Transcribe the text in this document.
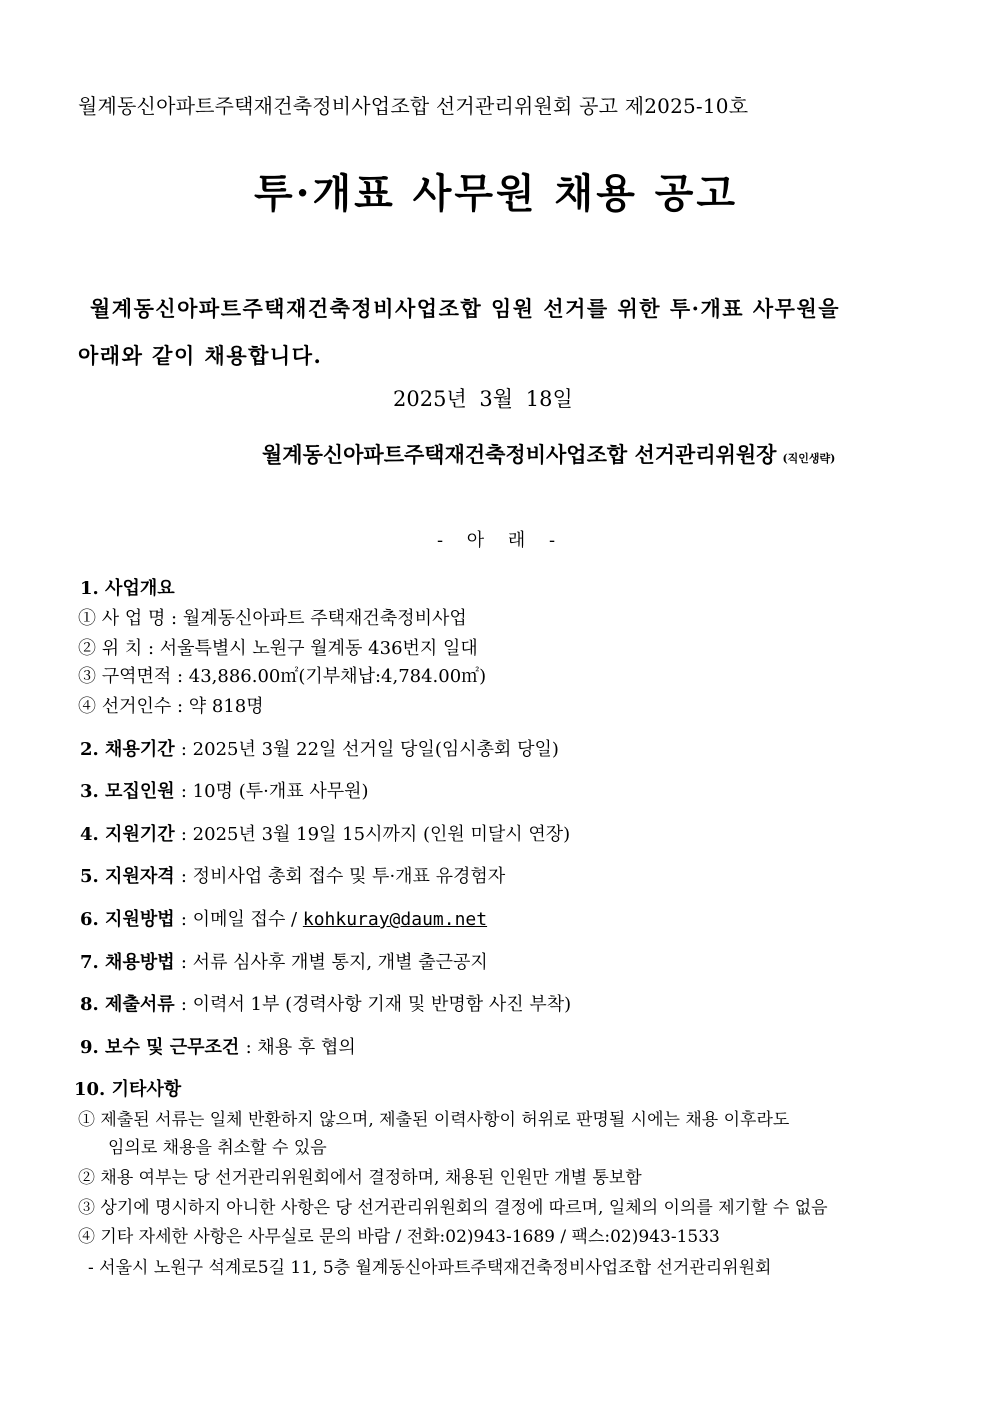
월계동신아파트주택재건축정비사업조합 선거관리위원회 공고 제2025-10호
투·개표 사무원 채용 공고
월계동신아파트주택재건축정비사업조합 임원 선거를 위한 투·개표 사무원을
아래와 같이 채용합니다.
2025년 3월 18일
월계동신아파트주택재건축정비사업조합 선거관리위원장 (직인생략)
- 아 래 -
1. 사업개요
① 사 업 명 : 월계동신아파트 주택재건축정비사업
② 위 치 : 서울특별시 노원구 월계동 436번지 일대
③ 구역면적 : 43,886.00㎡(기부채납:4,784.00㎡)
④ 선거인수 : 약 818명
2. 채용기간 : 2025년 3월 22일 선거일 당일(임시총회 당일)
3. 모집인원 : 10명 (투·개표 사무원)
4. 지원기간 : 2025년 3월 19일 15시까지 (인원 미달시 연장)
5. 지원자격 : 정비사업 총회 접수 및 투·개표 유경험자
6. 지원방법 : 이메일 접수 / kohkuray@daum.net
7. 채용방법 : 서류 심사후 개별 통지, 개별 출근공지
8. 제출서류 : 이력서 1부 (경력사항 기재 및 반명함 사진 부착)
9. 보수 및 근무조건 : 채용 후 협의
10. 기타사항
① 제출된 서류는 일체 반환하지 않으며, 제출된 이력사항이 허위로 판명될 시에는 채용 이후라도
임의로 채용을 취소할 수 있음
② 채용 여부는 당 선거관리위원회에서 결정하며, 채용된 인원만 개별 통보함
③ 상기에 명시하지 아니한 사항은 당 선거관리위원회의 결정에 따르며, 일체의 이의를 제기할 수 없음
④ 기타 자세한 사항은 사무실로 문의 바람 / 전화:02)943-1689 / 팩스:02)943-1533
- 서울시 노원구 석계로5길 11, 5층 월계동신아파트주택재건축정비사업조합 선거관리위원회
